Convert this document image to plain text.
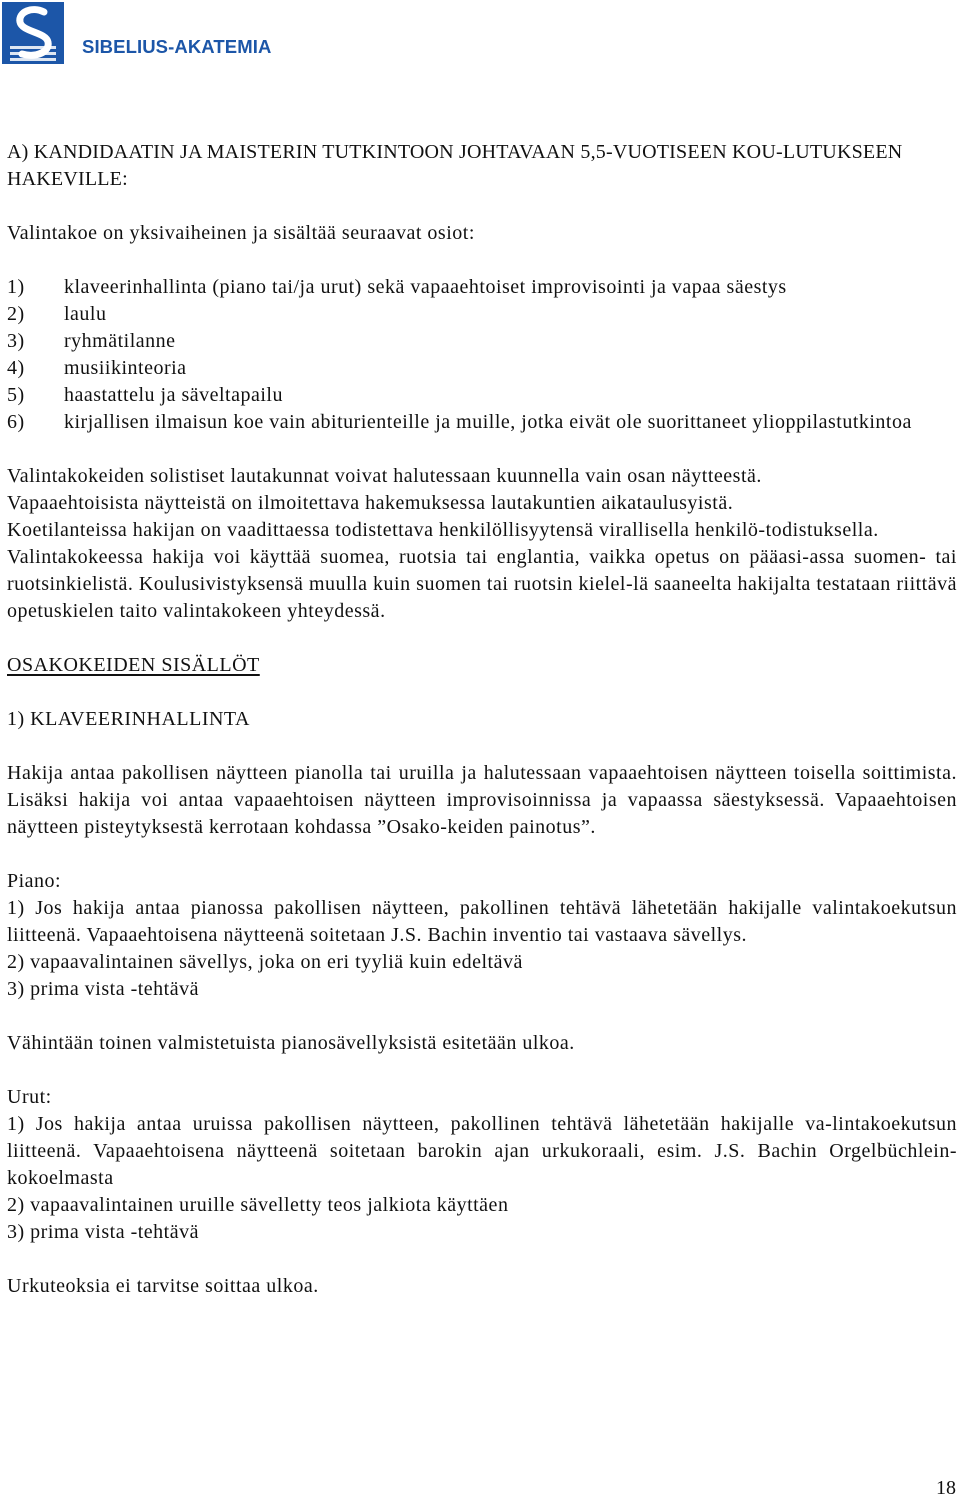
SIBELIUS-AKATEMIA

A) KANDIDAATIN JA MAISTERIN TUTKINTOON JOHTAVAAN 5,5-VUOTISEEN KOU-LUTUKSEEN HAKEVILLE:

Valintakoe on yksivaiheinen ja sisältää seuraavat osiot:

1)	klaveerinhallinta (piano tai/ja urut) sekä vapaaehtoiset improvisointi ja vapaa säestys
2)	laulu
3)	ryhmätilanne
4)	musiikinteoria
5)	haastattelu ja säveltapailu
6)	kirjallisen ilmaisun koe vain abiturienteille ja muille, jotka eivät ole suorittaneet ylioppilastutkintoa

Valintakokeiden solistiset lautakunnat voivat halutessaan kuunnella vain osan näytteestä.

Vapaaehtoisista näytteistä on ilmoitettava hakemuksessa lautakuntien aikataulusyistä.

Koetilanteissa hakijan on vaadittaessa todistettava henkilöllisyytensä virallisella henkilö-todistuksella.

Valintakokeessa hakija voi käyttää suomea, ruotsia tai englantia, vaikka opetus on pääasi-assa suomen- tai ruotsinkielistä. Koulusivistyksensä muulla kuin suomen tai ruotsin kielel-lä saaneelta hakijalta testataan riittävä opetuskielen taito valintakokeen yhteydessä.

OSAKOKEIDEN SISÄLLÖT

1) KLAVEERINHALLINTA

Hakija antaa pakollisen näytteen pianolla tai uruilla ja halutessaan vapaaehtoisen näytteen toisella soittimista. Lisäksi hakija voi antaa vapaaehtoisen näytteen improvisoinnissa ja vapaassa säestyksessä. Vapaaehtoisen näytteen pisteytyksestä kerrotaan kohdassa ”Osako-keiden painotus”.

Piano:

1) Jos hakija antaa pianossa pakollisen näytteen, pakollinen tehtävä lähetetään hakijalle valintakoekutsun liitteenä. Vapaaehtoisena näytteenä soitetaan J.S. Bachin inventio tai vastaava sävellys.

2) vapaavalintainen sävellys, joka on eri tyyliä kuin edeltävä

3) prima vista -tehtävä

Vähintään toinen valmistetuista pianosävellyksistä esitetään ulkoa.

Urut:

1) Jos hakija antaa uruissa pakollisen näytteen, pakollinen tehtävä lähetetään hakijalle va-lintakoekutsun liitteenä. Vapaaehtoisena näytteenä soitetaan barokin ajan urkukoraali, esim. J.S. Bachin Orgelbüchlein-kokoelmasta

2) vapaavalintainen uruille sävelletty teos jalkiota käyttäen

3) prima vista -tehtävä

Urkuteoksia ei tarvitse soittaa ulkoa.

18
